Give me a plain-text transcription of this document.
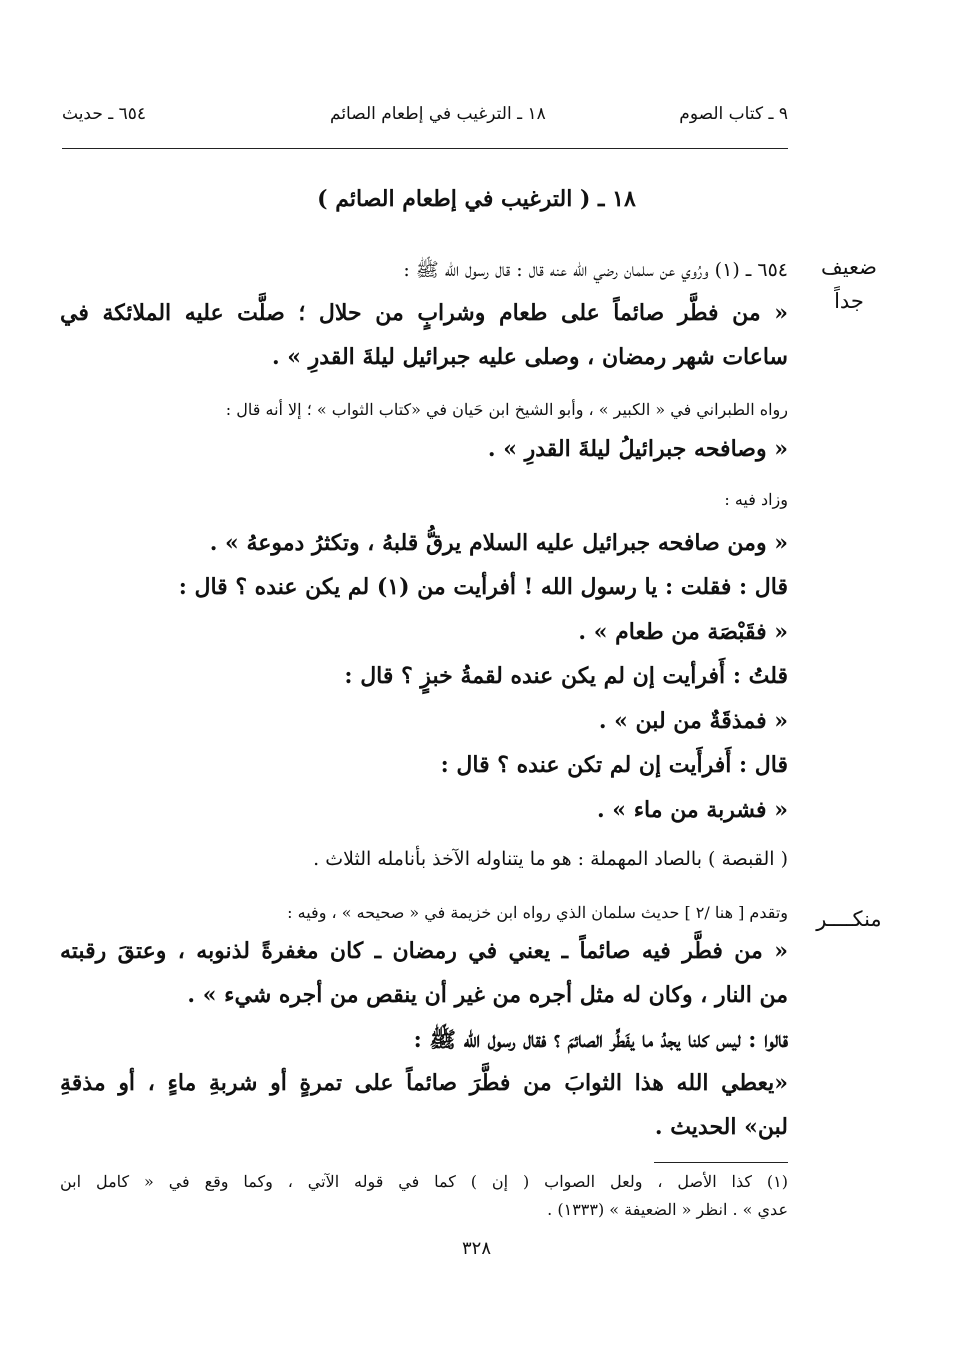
٩ ـ كتاب الصوم
١٨ ـ الترغيب في إطعام الصائم
٦٥٤ ـ حديث
١٨ ـ ( الترغيب في إطعام الصائم )
ضعيف جداً
منكــــر
٦٥٤ ـ (١) ورُوي عن سلمان رضي الله عنه قال : قال رسول الله ﷺ :
« من فطَّر صائماً على طعام وشرابٍ من حلال ؛ صلَّت عليه الملائكة في
ساعات شهر رمضان ، وصلى عليه جبرائيل ليلةَ القدرِ » .
رواه الطبراني في « الكبير » ، وأبو الشيخ ابن حَيان في «كتاب الثواب » ؛ إلا أنه قال :
« وصافحه جبرائيلُ ليلةَ القدرِ » .
وزاد فيه :
« ومن صافحه جبرائيل عليه السلام يرقُّ قلبهُ ، وتكثرُ دموعهُ » .
قال : فقلت : يا رسول الله ! أفرأيت من (١) لم يكن عنده ؟ قال :
« فقَبْصَة من طعام » .
قلتُ : أَفرأيت إن لم يكن عنده لقمةُ خبزٍ ؟ قال :
« فمذقَةٌ من لبن » .
قال : أَفرأَيت إن لم تكن عنده ؟ قال :
« فشربة من ماء » .
( القبصة ) بالصاد المهملة : هو ما يتناوله الآخذ بأنامله الثلاث .
وتقدم [ هنا /٢ ] حديث سلمان الذي رواه ابن خزيمة في « صحيحه » ، وفيه :
« من فطَّر فيه صائماً ـ يعني في رمضان ـ كان مغفرةً لذنوبه ، وعتقَ رقبته
من النار ، وكان له مثل أجره من غير أن ينقص من أجره شيء » .
قالوا : ليس كلنا يجدُ ما يفَطِّر الصائمَ ؟ فقال رسول الله ﷺ :
«يعطي الله هذا الثوابَ من فطَّرَ صائماً على تمرةٍ أو شربةِ ماءٍ ، أو مذقةِ
لبن» الحديث .
(١) كذا الأصل ، ولعل الصواب ( إن ) كما في قوله الآتي ، وكما وقع في « كامل ابن
عدي » . انظر « الضعيفة » (١٣٣٣) .
٣٢٨
